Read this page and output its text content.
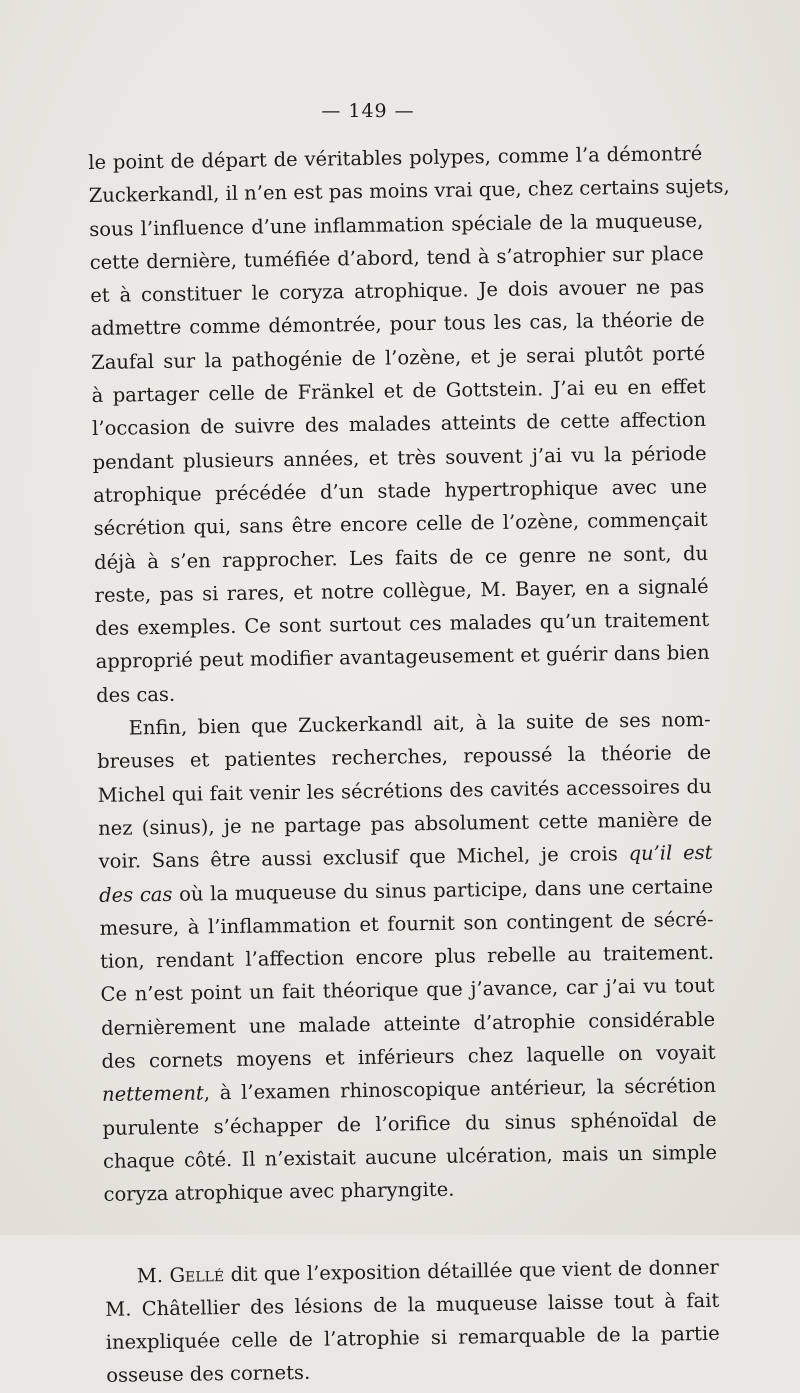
— 149 —
le point de départ de véritables polypes, comme l’a démontré
Zuckerkandl, il n’en est pas moins vrai que, chez certains sujets,
sous l’influence d’une inflammation spéciale de la muqueuse,
cette dernière, tuméfiée d’abord, tend à s’atrophier sur place
et à constituer le coryza atrophique. Je dois avouer ne pas
admettre comme démontrée, pour tous les cas, la théorie de
Zaufal sur la pathogénie de l’ozène, et je serai plutôt porté
à partager celle de Fränkel et de Gottstein. J’ai eu en effet
l’occasion de suivre des malades atteints de cette affection
pendant plusieurs années, et très souvent j’ai vu la période
atrophique précédée d’un stade hypertrophique avec une
sécrétion qui, sans être encore celle de l’ozène, commençait
déjà à s’en rapprocher. Les faits de ce genre ne sont, du
reste, pas si rares, et notre collègue, M. Bayer, en a signalé
des exemples. Ce sont surtout ces malades qu’un traitement
approprié peut modifier avantageusement et guérir dans bien
des cas.
Enfin, bien que Zuckerkandl ait, à la suite de ses nom-
breuses et patientes recherches, repoussé la théorie de
Michel qui fait venir les sécrétions des cavités accessoires du
nez (sinus), je ne partage pas absolument cette manière de
voir. Sans être aussi exclusif que Michel, je crois qu’il est
des cas où la muqueuse du sinus participe, dans une certaine
mesure, à l’inflammation et fournit son contingent de sécré-
tion, rendant l’affection encore plus rebelle au traitement.
Ce n’est point un fait théorique que j’avance, car j’ai vu tout
dernièrement une malade atteinte d’atrophie considérable
des cornets moyens et inférieurs chez laquelle on voyait
nettement, à l’examen rhinoscopique antérieur, la sécrétion
purulente s’échapper de l’orifice du sinus sphénoïdal de
chaque côté. Il n’existait aucune ulcération, mais un simple
coryza atrophique avec pharyngite.
M. Gellé dit que l’exposition détaillée que vient de donner
M. Châtellier des lésions de la muqueuse laisse tout à fait
inexpliquée celle de l’atrophie si remarquable de la partie
osseuse des cornets.
